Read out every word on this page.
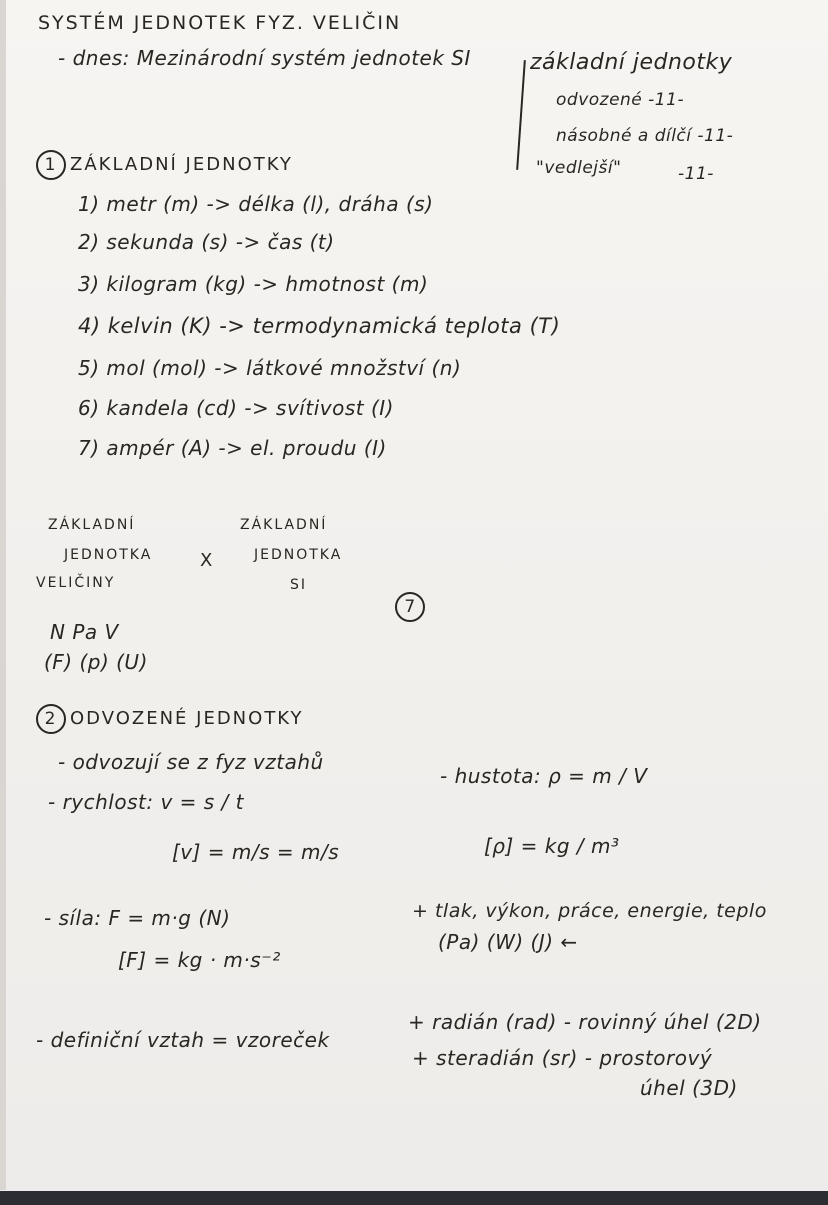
SYSTÉM JEDNOTEK FYZ. VELIČIN
- dnes: Mezinárodní systém jednotek SI	základní jednotky
odvozené -11-
násobné a dílčí -11-
"vedlejší"	-11-
1 ZÁKLADNÍ JEDNOTKY
1) metr (m) -> délka (l), dráha (s)
2) sekunda (s) -> čas (t)
3) kilogram (kg) -> hmotnost (m)
4) kelvin (K) -> termodynamická teplota (T)
5) mol (mol) -> látkové množství (n)
6) kandela (cd) -> svítivost (I)
7) ampér (A) -> el. proudu (I)
ZÁKLADNÍ
JEDNOTKA
VELIČINY
X
ZÁKLADNÍ
JEDNOTKA
SI
7
N Pa V
(F) (p) (U)
2 ODVOZENÉ JEDNOTKY
- odvozují se z fyz vztahů
- rychlost: v = s / t
[v] = m/s = m/s
- síla: F = m·g (N)
[F] = kg · m·s⁻²
- definiční vztah = vzoreček
- hustota: ρ = m / V
[ρ] = kg / m³
+ tlak, výkon, práce, energie, teplo
(Pa) (W) (J) ←
+ radián (rad) - rovinný úhel (2D)
+ steradián (sr) - prostorový
úhel (3D)
